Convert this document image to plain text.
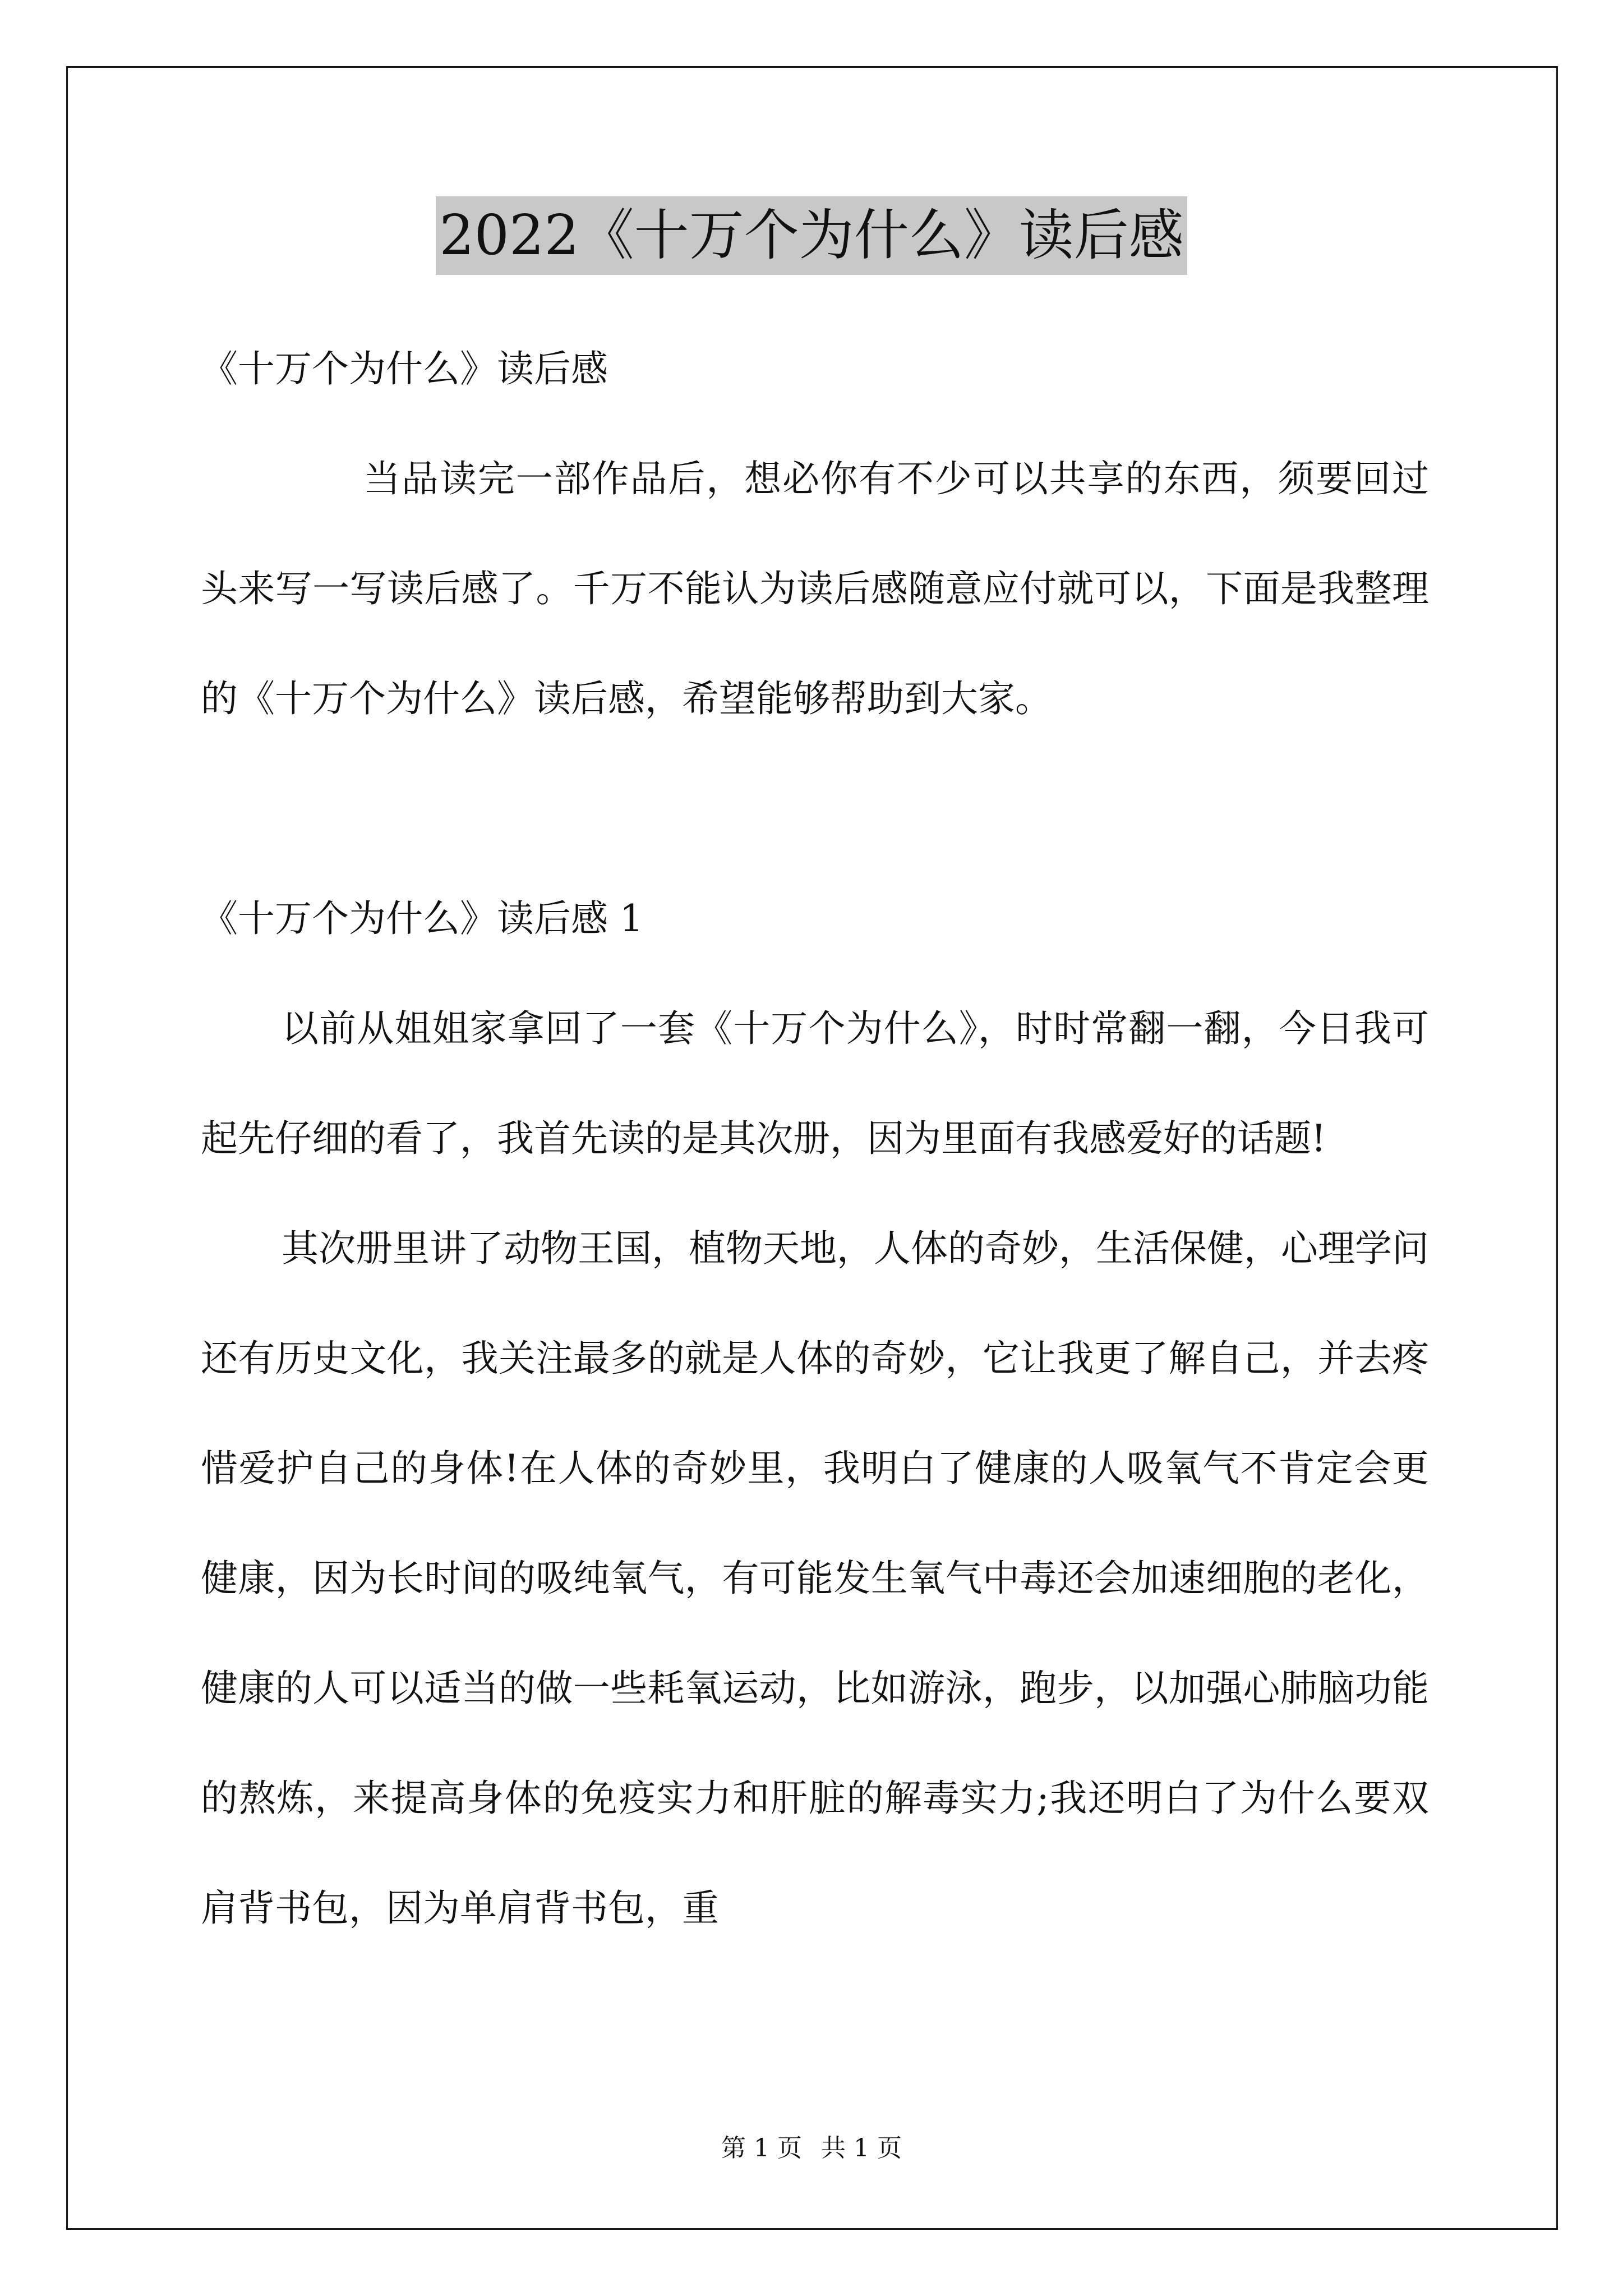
2022《十万个为什么》读后感

《十万个为什么》读后感

当品读完一部作品后，想必你有不少可以共享的东西，须要回过头来写一写读后感了。千万不能认为读后感随意应付就可以，下面是我整理的《十万个为什么》读后感，希望能够帮助到大家。

《十万个为什么》读后感 1

以前从姐姐家拿回了一套《十万个为什么》，时时常翻一翻，今日我可起先仔细的看了，我首先读的是其次册，因为里面有我感爱好的话题!

其次册里讲了动物王国，植物天地，人体的奇妙，生活保健，心理学问还有历史文化，我关注最多的就是人体的奇妙，它让我更了解自己，并去疼惜爱护自己的身体!在人体的奇妙里，我明白了健康的人吸氧气不肯定会更健康，因为长时间的吸纯氧气，有可能发生氧气中毒还会加速细胞的老化，健康的人可以适当的做一些耗氧运动，比如游泳，跑步，以加强心肺脑功能的熬炼，来提高身体的免疫实力和肝脏的解毒实力;我还明白了为什么要双肩背书包，因为单肩背书包，重

第 1 页 共 1 页
